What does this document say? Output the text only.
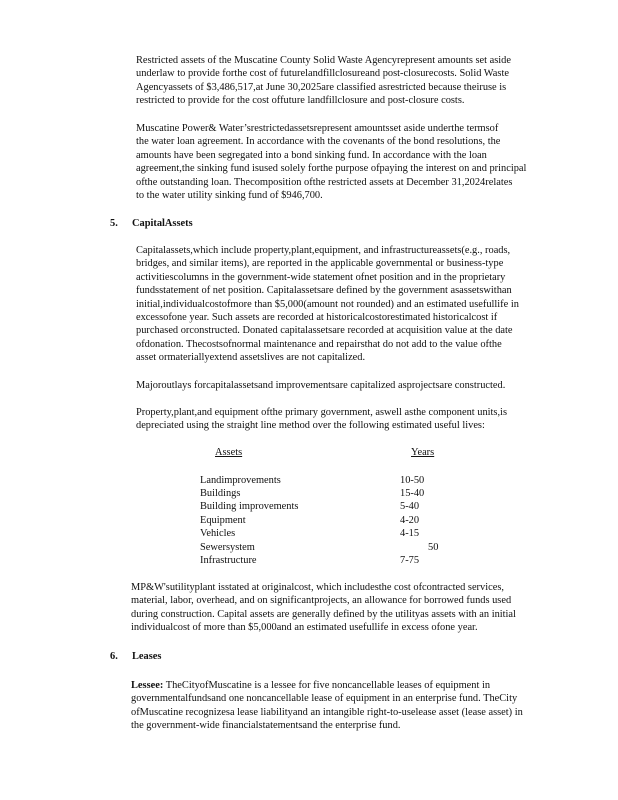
Restricted assets of the Muscatine County Solid Waste Agencyrepresent amounts set aside
underlaw to provide forthe cost of futurelandfillclosureand post-closurecosts. Solid Waste
Agencyassets of $3,486,517,at June 30,2025are classified asrestricted because theiruse is
restricted to provide for the cost offuture landfillclosure and post-closure costs.
Muscatine Power& Water’srestrictedassetsrepresent amountsset aside underthe termsof
the water loan agreement. In accordance with the covenants of the bond resolutions, the
amounts have been segregated into a bond sinking fund. In accordance with the loan
agreement,the sinking fund isused solely forthe purpose ofpaying the interest on and principal
ofthe outstanding loan. Thecomposition ofthe restricted assets at December 31,2024relates
to the water utility sinking fund of $946,700.
5. CapitalAssets
Capitalassets,which include property,plant,equipment, and infrastructureassets(e.g., roads,
bridges, and similar items), are reported in the applicable governmental or business-type
activitiescolumns in the government-wide statement ofnet position and in the proprietary
fundsstatement of net position. Capitalassetsare defined by the government asassetswithan
initial,individualcostofmore than $5,000(amount not rounded) and an estimated usefullife in
excessofone year. Such assets are recorded at historicalcostorestimated historicalcost if
purchased orconstructed. Donated capitalassetsare recorded at acquisition value at the date
ofdonation. Thecostsofnormal maintenance and repairsthat do not add to the value ofthe
asset ormateriallyextend assetslives are not capitalized.
Majoroutlays forcapitalassetsand improvementsare capitalized asprojectsare constructed.
Property,plant,and equipment ofthe primary government, aswell asthe component units,is
depreciated using the straight line method over the following estimated useful lives:
Assets	Years
Landimprovements	10-50
Buildings	15-40
Building improvements	5-40
Equipment	4-20
Vehicles	4-15
Sewersystem	50
Infrastructure	7-75
MP&W'sutilityplant isstated at originalcost, which includesthe cost ofcontracted services,
material, labor, overhead, and on significantprojects, an allowance for borrowed funds used
during construction. Capital assets are generally defined by the utilityas assets with an initial
individualcost of more than $5,000and an estimated usefullife in excess ofone year.
6. Leases
Lessee: TheCityofMuscatine is a lessee for five noncancellable leases of equipment in
governmentalfundsand one noncancellable lease of equipment in an enterprise fund. TheCity
ofMuscatine recognizesa lease liabilityand an intangible right-to-uselease asset (lease asset) in
the government-wide financialstatementsand the enterprise fund.
